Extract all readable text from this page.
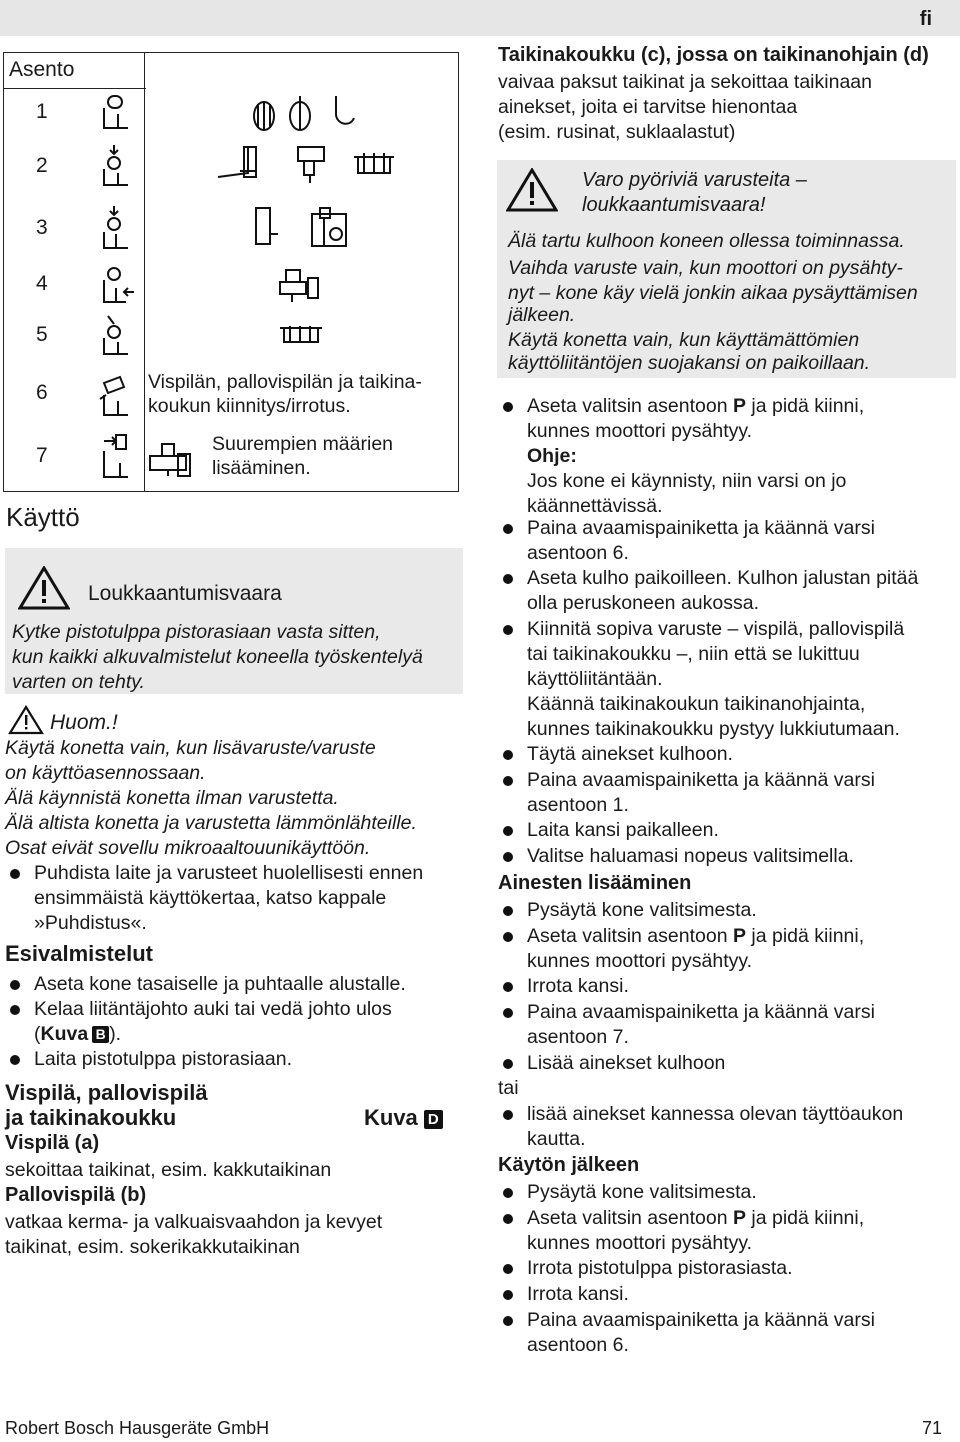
fi
Asento
1
2
3
4
5
6
7
Vispilän, pallovispilän ja taikina-
koukun kiinnitys/irrotus.
Suurempien määrien
lisääminen.
Käyttö
Loukkaantumisvaara
Kytke pistotulppa pistorasiaan vasta sitten,
kun kaikki alkuvalmistelut koneella työskentelyä
varten on tehty.
Huom.!
Käytä konetta vain, kun lisävaruste/varuste
on käyttöasennossaan.
Älä käynnistä konetta ilman varustetta.
Älä altista konetta ja varustetta lämmönlähteille.
Osat eivät sovellu mikroaaltouunikäyttöön.
Puhdista laite ja varusteet huolellisesti ennen
ensimmäistä käyttökertaa, katso kappale
»Puhdistus«.
Esivalmistelut
Aseta kone tasaiselle ja puhtaalle alustalle.
Kelaa liitäntäjohto auki tai vedä johto ulos
(Kuva B ).
Laita pistotulppa pistorasiaan.
Vispilä, pallovispilä
ja taikinakoukku	Kuva D
Vispilä (a)
sekoittaa taikinat, esim. kakkutaikinan
Pallovispilä (b)
vatkaa kerma- ja valkuaisvaahdon ja kevyet
taikinat, esim. sokerikakkutaikinan
Taikinakoukku (c), jossa on taikinanohjain (d)
vaivaa paksut taikinat ja sekoittaa taikinaan
ainekset, joita ei tarvitse hienontaa
(esim. rusinat, suklaalastut)
Varo pyöriviä varusteita –
loukkaantumisvaara!
Älä tartu kulhoon koneen ollessa toiminnassa.
Vaihda varuste vain, kun moottori on pysähty-
nyt – kone käy vielä jonkin aikaa pysäyttämisen
jälkeen.
Käytä konetta vain, kun käyttämättömien
käyttöliitäntöjen suojakansi on paikoillaan.
Aseta valitsin asentoon P ja pidä kiinni,
kunnes moottori pysähtyy.
Ohje:
Jos kone ei käynnisty, niin varsi on jo
käännettävissä.
Paina avaamispainiketta ja käännä varsi
asentoon 6.
Aseta kulho paikoilleen. Kulhon jalustan pitää
olla peruskoneen aukossa.
Kiinnitä sopiva varuste – vispilä, pallovispilä
tai taikinakoukku –, niin että se lukittuu
käyttöliitäntään.
Käännä taikinakoukun taikinanohjainta,
kunnes taikinakoukku pystyy lukkiutumaan.
Täytä ainekset kulhoon.
Paina avaamispainiketta ja käännä varsi
asentoon 1.
Laita kansi paikalleen.
Valitse haluamasi nopeus valitsimella.
Ainesten lisääminen
Pysäytä kone valitsimesta.
Aseta valitsin asentoon P ja pidä kiinni,
kunnes moottori pysähtyy.
Irrota kansi.
Paina avaamispainiketta ja käännä varsi
asentoon 7.
Lisää ainekset kulhoon
tai
lisää ainekset kannessa olevan täyttöaukon
kautta.
Käytön jälkeen
Pysäytä kone valitsimesta.
Aseta valitsin asentoon P ja pidä kiinni,
kunnes moottori pysähtyy.
Irrota pistotulppa pistorasiasta.
Irrota kansi.
Paina avaamispainiketta ja käännä varsi
asentoon 6.
Robert Bosch Hausgeräte GmbH	71
